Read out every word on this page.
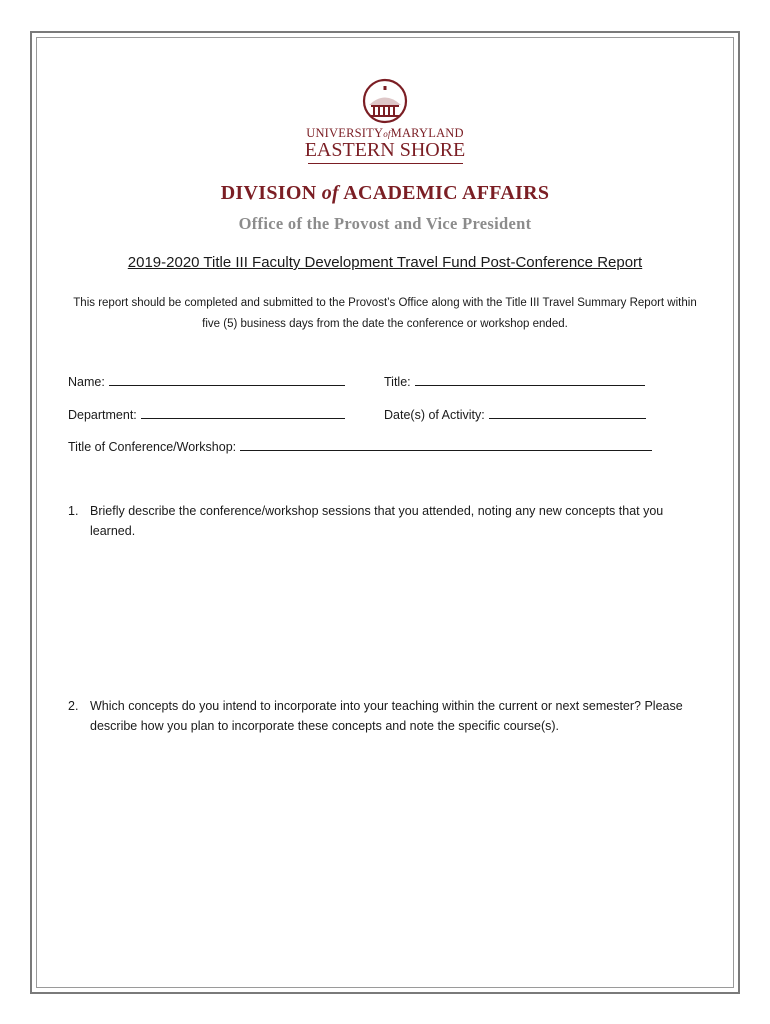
UNIVERSITYofMARYLAND
EASTERN SHORE
DIVISION of ACADEMIC AFFAIRS
Office of the Provost and Vice President
2019-2020 Title III Faculty Development Travel Fund Post-Conference Report
This report should be completed and submitted to the Provost’s Office along with the Title III Travel Summary Report within
five (5) business days from the date the conference or workshop ended.
Name:	Title:
Department:	Date(s) of Activity:
Title of Conference/Workshop:
1. Briefly describe the conference/workshop sessions that you attended, noting any new concepts that you learned.
2. Which concepts do you intend to incorporate into your teaching within the current or next semester? Please describe how you plan to incorporate these concepts and note the specific course(s).
